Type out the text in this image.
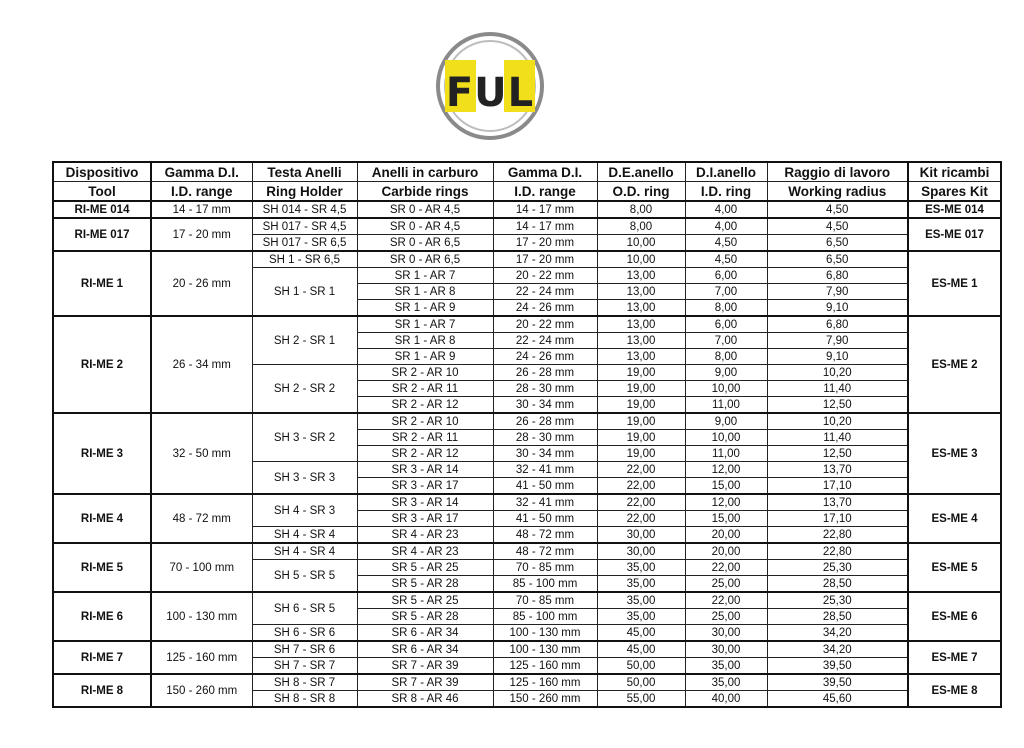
FUL
Dispositivo	Gamma D.I.	Testa Anelli	Anelli in carburo	Gamma D.I.	D.E.anello	D.I.anello	Raggio di lavoro	Kit ricambi
Tool	I.D. range	Ring Holder	Carbide rings	I.D. range	O.D. ring	I.D. ring	Working radius	Spares Kit
RI-ME 014	14 - 17 mm	SH 014 - SR 4,5	SR 0 - AR 4,5	14 - 17 mm	8,00	4,00	4,50	ES-ME 014
RI-ME 017	17 - 20 mm	SH 017 - SR 4,5	SR 0 - AR 4,5	14 - 17 mm	8,00	4,00	4,50	ES-ME 017
		SH 017 - SR 6,5	SR 0 - AR 6,5	17 - 20 mm	10,00	4,50	6,50	
RI-ME 1	20 - 26 mm	SH 1 - SR 6,5	SR 0 - AR 6,5	17 - 20 mm	10,00	4,50	6,50	ES-ME 1
		SH 1 - SR 1	SR 1 - AR 7	20 - 22 mm	13,00	6,00	6,80	
			SR 1 - AR 8	22 - 24 mm	13,00	7,00	7,90	
			SR 1 - AR 9	24 - 26 mm	13,00	8,00	9,10	
RI-ME 2	26 - 34 mm	SH 2 - SR 1	SR 1 - AR 7	20 - 22 mm	13,00	6,00	6,80	ES-ME 2
			SR 1 - AR 8	22 - 24 mm	13,00	7,00	7,90	
			SR 1 - AR 9	24 - 26 mm	13,00	8,00	9,10	
		SH 2 - SR 2	SR 2 - AR 10	26 - 28 mm	19,00	9,00	10,20	
			SR 2 - AR 11	28 - 30 mm	19,00	10,00	11,40	
			SR 2 - AR 12	30 - 34 mm	19,00	11,00	12,50	
RI-ME 3	32 - 50 mm	SH 3 - SR 2	SR 2 - AR 10	26 - 28 mm	19,00	9,00	10,20	ES-ME 3
			SR 2 - AR 11	28 - 30 mm	19,00	10,00	11,40	
			SR 2 - AR 12	30 - 34 mm	19,00	11,00	12,50	
		SH 3 - SR 3	SR 3 - AR 14	32 - 41 mm	22,00	12,00	13,70	
			SR 3 - AR 17	41 - 50 mm	22,00	15,00	17,10	
RI-ME 4	48 - 72 mm	SH 4 - SR 3	SR 3 - AR 14	32 - 41 mm	22,00	12,00	13,70	ES-ME 4
			SR 3 - AR 17	41 - 50 mm	22,00	15,00	17,10	
		SH 4 - SR 4	SR 4 - AR 23	48 - 72 mm	30,00	20,00	22,80	
RI-ME 5	70 - 100 mm	SH 4 - SR 4	SR 4 - AR 23	48 - 72 mm	30,00	20,00	22,80	ES-ME 5
		SH 5 - SR 5	SR 5 - AR 25	70 - 85 mm	35,00	22,00	25,30	
			SR 5 - AR 28	85 - 100 mm	35,00	25,00	28,50	
RI-ME 6	100 - 130 mm	SH 6 - SR 5	SR 5 - AR 25	70 - 85 mm	35,00	22,00	25,30	ES-ME 6
			SR 5 - AR 28	85 - 100 mm	35,00	25,00	28,50	
		SH 6 - SR 6	SR 6 - AR 34	100 - 130 mm	45,00	30,00	34,20	
RI-ME 7	125 - 160 mm	SH 7 - SR 6	SR 6 - AR 34	100 - 130 mm	45,00	30,00	34,20	ES-ME 7
		SH 7 - SR 7	SR 7 - AR 39	125 - 160 mm	50,00	35,00	39,50	
RI-ME 8	150 - 260 mm	SH 8 - SR 7	SR 7 - AR 39	125 - 160 mm	50,00	35,00	39,50	ES-ME 8
		SH 8 - SR 8	SR 8 - AR 46	150 - 260 mm	55,00	40,00	45,60	
